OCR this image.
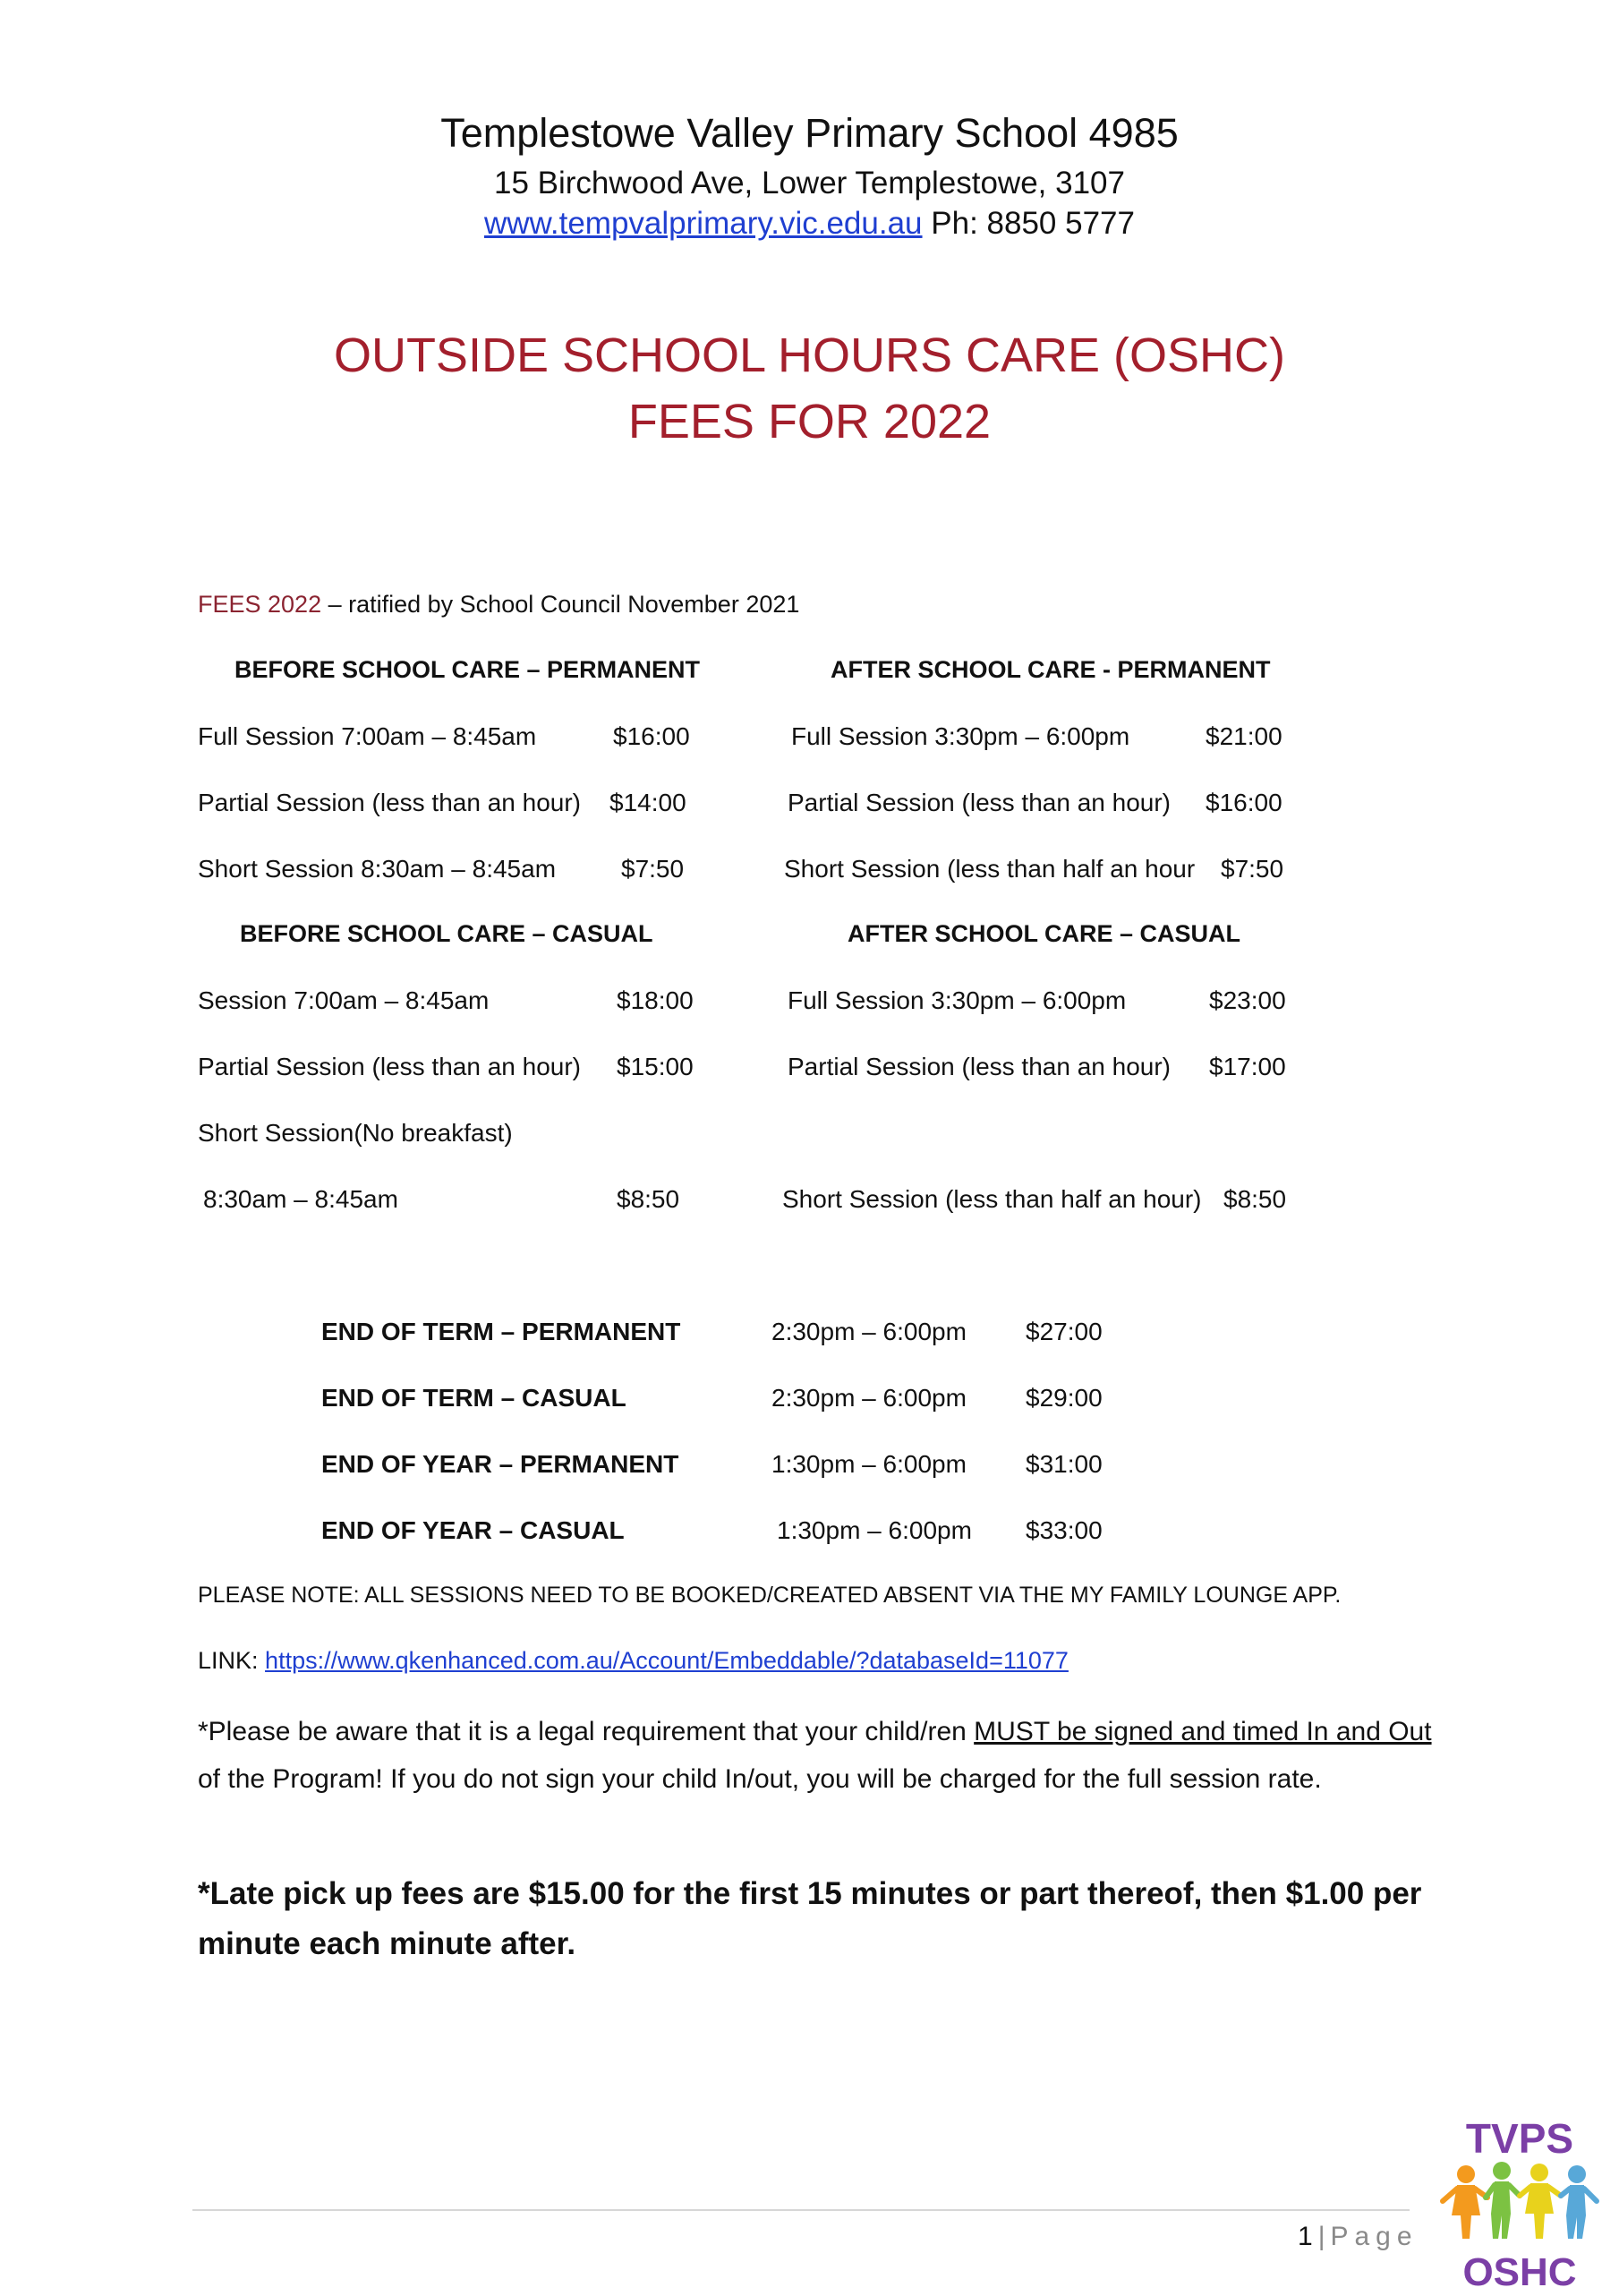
Templestowe Valley Primary School 4985
15 Birchwood Ave, Lower Templestowe, 3107
www.tempvalprimary.vic.edu.au Ph: 8850 5777
OUTSIDE SCHOOL HOURS CARE (OSHC)
FEES FOR 2022
FEES 2022 – ratified by School Council November 2021
BEFORE SCHOOL CARE – PERMANENT
Full Session 7:00am – 8:45am	$16:00
Partial Session (less than an hour) $14:00
Short Session 8:30am – 8:45am	$7:50
AFTER SCHOOL CARE - PERMANENT
Full Session 3:30pm – 6:00pm	$21:00
Partial Session (less than an hour) $16:00
Short Session (less than half an hour $7:50
BEFORE SCHOOL CARE – CASUAL
Session 7:00am – 8:45am	$18:00
Partial Session (less than an hour) $15:00
Short Session(No breakfast)
8:30am – 8:45am	$8:50
AFTER SCHOOL CARE – CASUAL
Full Session 3:30pm – 6:00pm	$23:00
Partial Session (less than an hour) $17:00
Short Session (less than half an hour) $8:50
END OF TERM – PERMANENT	2:30pm – 6:00pm $27:00
END OF TERM – CASUAL	2:30pm – 6:00pm $29:00
END OF YEAR – PERMANENT	1:30pm – 6:00pm $31:00
END OF YEAR – CASUAL	1:30pm – 6:00pm $33:00
PLEASE NOTE: ALL SESSIONS NEED TO BE BOOKED/CREATED ABSENT VIA THE MY FAMILY LOUNGE APP.
LINK: https://www.qkenhanced.com.au/Account/Embeddable/?databaseId=11077
*Please be aware that it is a legal requirement that your child/ren MUST be signed and timed In and Out of the Program! If you do not sign your child In/out, you will be charged for the full session rate.
*Late pick up fees are $15.00 for the first 15 minutes or part thereof, then $1.00 per minute each minute after.
1 | Page
TVPS
OSHC
